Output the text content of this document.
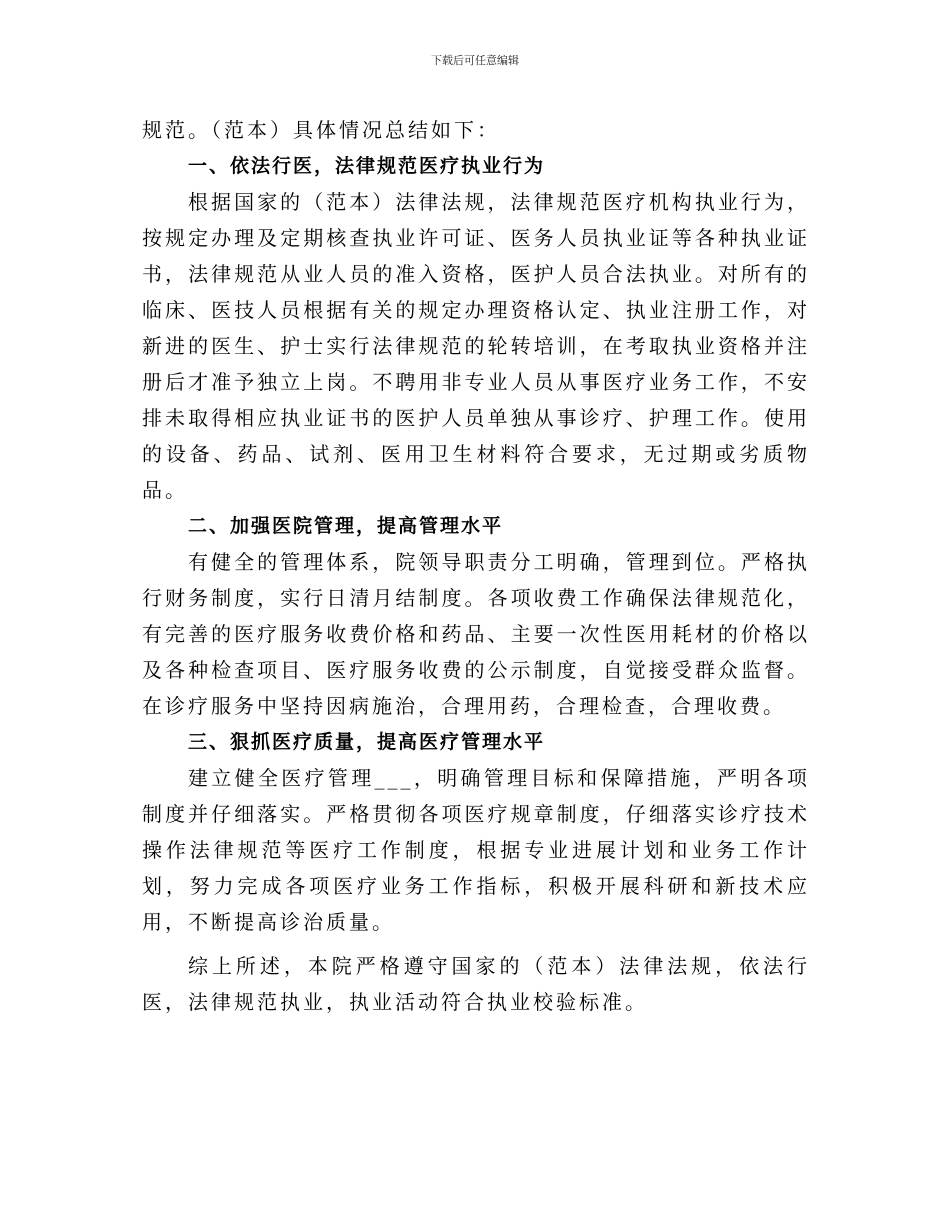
下载后可任意编辑

规范。（范本）具体情况总结如下：

一、依法行医，法律规范医疗执业行为

根据国家的（范本）法律法规，法律规范医疗机构执业行为，按规定办理及定期核查执业许可证、医务人员执业证等各种执业证书，法律规范从业人员的准入资格，医护人员合法执业。对所有的临床、医技人员根据有关的规定办理资格认定、执业注册工作，对新进的医生、护士实行法律规范的轮转培训，在考取执业资格并注册后才准予独立上岗。不聘用非专业人员从事医疗业务工作，不安排未取得相应执业证书的医护人员单独从事诊疗、护理工作。使用的设备、药品、试剂、医用卫生材料符合要求，无过期或劣质物品。

二、加强医院管理，提高管理水平

有健全的管理体系，院领导职责分工明确，管理到位。严格执行财务制度，实行日清月结制度。各项收费工作确保法律规范化，有完善的医疗服务收费价格和药品、主要一次性医用耗材的价格以及各种检查项目、医疗服务收费的公示制度，自觉接受群众监督。在诊疗服务中坚持因病施治，合理用药，合理检查，合理收费。

三、狠抓医疗质量，提高医疗管理水平

建立健全医疗管理___，明确管理目标和保障措施，严明各项制度并仔细落实。严格贯彻各项医疗规章制度，仔细落实诊疗技术操作法律规范等医疗工作制度，根据专业进展计划和业务工作计划，努力完成各项医疗业务工作指标，积极开展科研和新技术应用，不断提高诊治质量。

综上所述，本院严格遵守国家的（范本）法律法规，依法行医，法律规范执业，执业活动符合执业校验标准。
